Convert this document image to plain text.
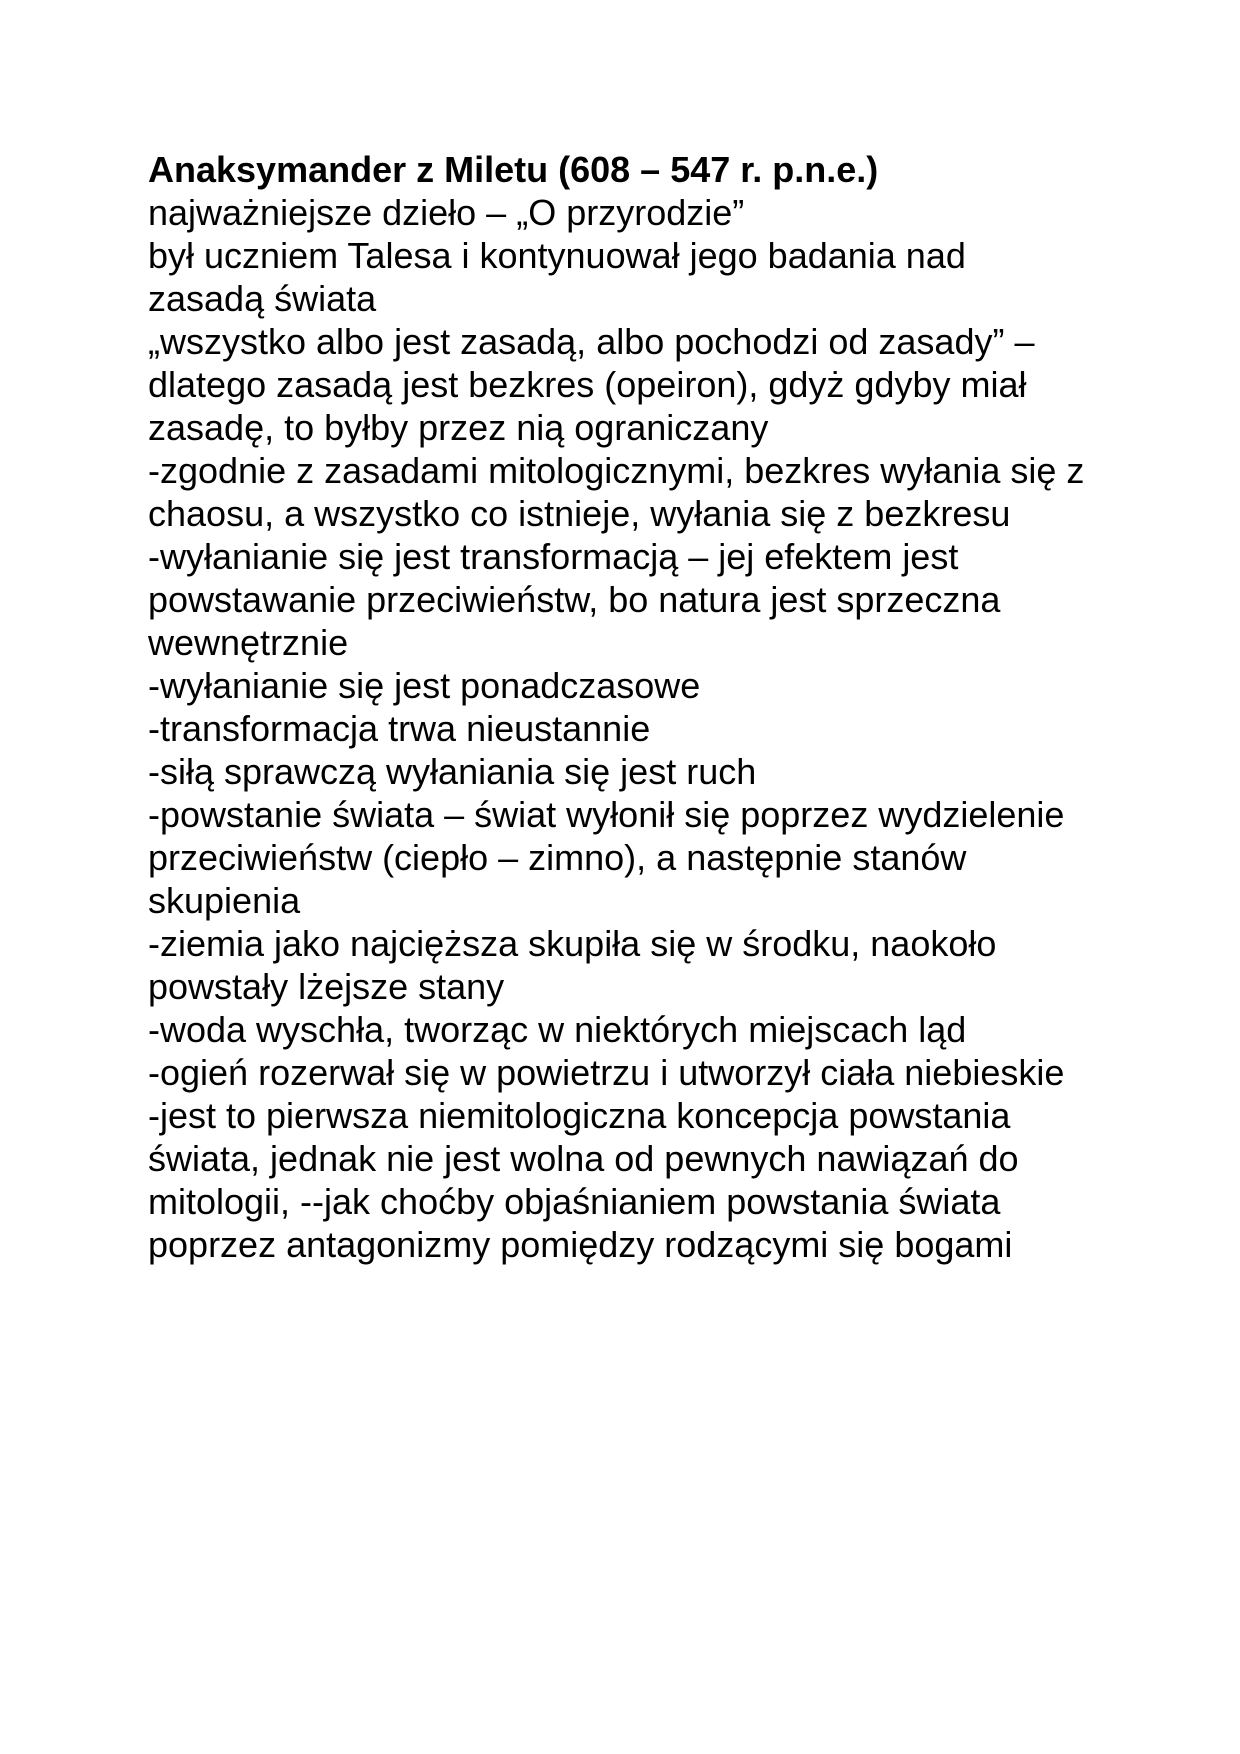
Anaksymander z Miletu (608 – 547 r. p.n.e.)

najważniejsze dzieło – „O przyrodzie”

był uczniem Talesa i kontynuował jego badania nad zasadą świata

„wszystko albo jest zasadą, albo pochodzi od zasady” – dlatego zasadą jest bezkres (opeiron), gdyż gdyby miał zasadę, to byłby przez nią ograniczany

-zgodnie z zasadami mitologicznymi, bezkres wyłania się z chaosu, a wszystko co istnieje, wyłania się z bezkresu

-wyłanianie się jest transformacją – jej efektem jest powstawanie przeciwieństw, bo natura jest sprzeczna wewnętrznie

-wyłanianie się jest ponadczasowe

-transformacja trwa nieustannie

-siłą sprawczą wyłaniania się jest ruch

-powstanie świata – świat wyłonił się poprzez wydzielenie przeciwieństw (ciepło – zimno), a następnie stanów skupienia

-ziemia jako najcięższa skupiła się w środku, naokoło powstały lżejsze stany

-woda wyschła, tworząc w niektórych miejscach ląd

-ogień rozerwał się w powietrzu i utworzył ciała niebieskie

-jest to pierwsza niemitologiczna koncepcja powstania świata, jednak nie jest wolna od pewnych nawiązań do mitologii, --jak choćby objaśnianiem powstania świata poprzez antagonizmy pomiędzy rodzącymi się bogami
